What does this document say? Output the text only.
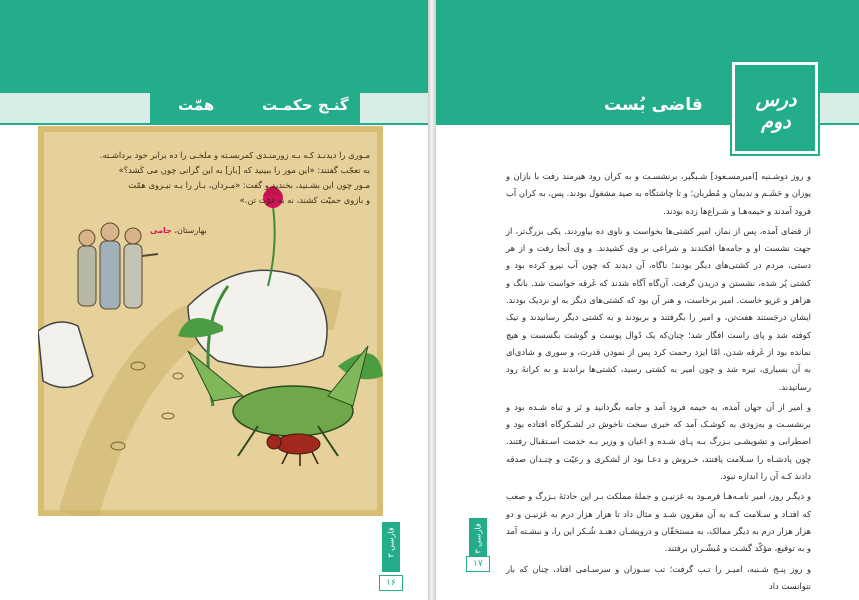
گنـج حکمـت
همّت
مـوری را دیدنـد کـه بـه زورمنـدی کمربسـته و ملخـی را ده برابر خود برداشـته.
به تعجّب گفتند: «این مور را ببینید که [بار] به این گرانی چون می کَشد؟»
مـور چون این بشـنید، بخندید و گفت: «مـردان، بـار را بـه نیـروی همّت
و بازوی حمیّت کشند، نه به قوّت تن.»
بهارستان، جامی
فارسی ۳
۱۶
درس دوم
قاضی بُست

و روز دوشـنبه [امیرمسـعود] شـبگیر، برنشسـت و به کران رود هیرمند رفت با بازان و یوزان و حَشَـم و ندیمان و مُطربان؛ و تا چاشتگاه به صید مشغول بودند. پس، به کران آب فرود آمدند و خیمه‌هـا و شـراع‌ها زده بودند.

از قضای آمده، پس از نماز، امیر کشتی‌ها بخواست و ناوی ده بیاوردند. یکی بزرگ‌تر، از جهت نشست او و جامه‌ها افکندند و شراعی بر وی کشیدند. و وی آنجا رفت و از هر دستی، مردم در کشتی‌های دیگر بودند؛ ناگاه، آن دیدند که چون آب نیرو کرده بود و کشتی پُر شده، نشستن و دریدن گرفت. آن‌گاه آگاه شدند که غَرقه خواست شد. بانگ و هزاهز و غریو خاست. امیر برخاست، و هنر آن بود که کشتی‌های دیگر به او نزدیک بودند. ایشان درجَستند هفت‌تن، و امیر را بگرفتند و بربودند و به کشتی دیگر رسانیدند و نیک کوفته شد و پای راست افگار شد؛ چنان‌که یک دُوال پوست و گوشت بگسست و هیچ نمانده بود از غَرقه شدن. امّا ایزد رحمت کرد پس از نمودن قدرت، و سوری و شادی‌ای به آن بسیاری، تیره شد و چون امیر به کشتی رسید، کشتی‌ها براندند و به کرانهٔ رود رسانیدند.

و امیر از آن جهان آمده، به خیمه فرود آمد و جامه بگردانید و تَر و تباه شـده بود و برنشسـت و به‌زودی به کوشـک آمد که خبری سخت ناخوش در لشـکرگاه افتاده بود و اضطرابی و تشویشـی بـزرگ بـه پـای شـده و اعیان و وزیر بـه خدمت اسـتقبال رفتند. چون پادشـاه را سـلامت یافتند، خـروش و دعـا بود از لشکری و رعیّت و چنـدان صدقه دادند کـه آن را اندازه نبود.

و دیگـر روز، امیر نامـه‌هـا فرمـود به غزنیـن و جملهٔ مملکت بـر این حادثهٔ بـزرگ و صعب که افتـاد و سـلامت کـه به آن مقرون شـد و مثال داد تا هزار هزار درم به غزنیـن و دو هزار هزار درم به دیگر ممالک، به مستحَقّان و درویشـان دهنـد شُـکر این را، و نبشـته آمد و به توقیع، مؤکّد گشـت و مُبشّـران برفتند.

و روز پنـج شـنبه، امیـر را تـب گرفت؛ تب سـوزان و سرسـامی افتاد، چنان که بار نتوانست داد

فارسی ۳
۱۷
